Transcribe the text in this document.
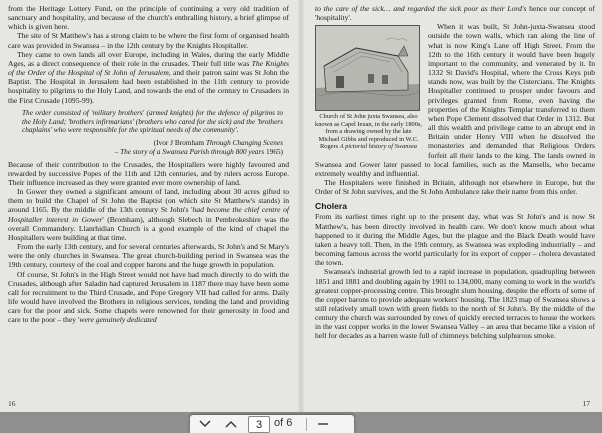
from the Heritage Lottery Fund, on the principle of continuing a very old tradition of sanctuary and hospitality, and because of the church's enthralling history, a brief glimpse of which is given here.

The site of St Matthew's has a strong claim to be where the first form of organised health care was provided in Swansea – in the 12th century by the Knights Hospitaller.

They came to own lands all over Europe, including in Wales, during the early Middle Ages, as a direct consequence of their role in the crusades. Their full title was The Knights of the Order of the Hospital of St John of Jerusalem, and their patron saint was St John the Baptist. The Hospital in Jerusalem had been established in the 11th century to provide hospitality to pilgrims to the Holy Land, and towards the end of the century to Crusaders in the First Crusade (1095-99).

The order consisted of 'military brothers' (armed knights) for the defence of pilgrims to the Holy Land; 'brothers infirmarians' (brothers who cared for the sick) and the 'brothers chaplains' who were responsible for the spiritual needs of the community'.
(Ivor J Bromham Through Changing Scenes
– The story of a Swansea Parish through 800 years 1965)

Because of their contribution to the Crusades, the Hospitallers were highly favoured and rewarded by successive Popes of the 11th and 12th centuries, and by rulers across Europe. Their influence increased as they were granted ever more ownership of land.

In Gower they owned a significant amount of land, including about 30 acres gifted to them to build the Chapel of St John the Baptist (on which site St Matthew's stands) in around 1165. By the middle of the 13th century St John's 'had become the chief centre of Hospitaller interest in Gower' (Bromham), although Slebech in Pembrokeshire was the overall Commandery. Llanrhidian Church is a good example of the kind of chapel the Hospitallers were building at that time.

From the early 13th century, and for several centuries afterwards, St John's and St Mary's were the only churches in Swansea. The great church-building period in Swansea was the 19th century, courtesy of the coal and copper barons and the huge growth in population.

Of course, St John's in the High Street would not have had much directly to do with the Crusades, although after Saladin had captured Jerusalem in 1187 there may have been some call for recruitment to the Third Crusade, and Pope Gregory VII had called for arms. Daily life would have involved the Brothers in religious services, tending the land and providing care for the poor and sick. Some chapels were renowned for their generosity in food and care to the poor – they 'were genuinely dedicated

16

to the care of the sick… and regarded the sick poor as their Lord's hence our concept of 'hospitality'.

Church of St John juxta Swansea, also known as Capel Ieuan, in the early 1800s, from a drawing owned by the late Michael Gibbs and reproduced in W.C. Rogers A pictorial history of Swansea

When it was built, St John-juxta-Swansea stood outside the town walls, which ran along the line of what is now King's Lane off High Street. From the 12th to the 16th century it would have been hugely important to the community, and venerated by it. In 1332 St David's Hospital, where the Cross Keys pub stands now, was built by the Cistercians. The Knights Hospitaller continued to prosper under favours and privileges granted from Rome, even having the properties of the Knights Templar transferred to them when Pope Clement dissolved that Order in 1312. But all this wealth and privilege came to an abrupt end in Britain under Henry VIII when he dissolved the monasteries and demanded that Religious Orders forfeit all their lands to the king. The lands owned in Swansea and Gower later passed to local families, such as the Mansells, who became extremely wealthy and influential.

The Hospitalers were finished in Britain, although not elsewhere in Europe, but the Order of St John survives, and the St John Ambulance take their name from this order.

Cholera

From its earliest times right up to the present day, what was St John's and is now St Matthew's, has been directly involved in health care. We don't know much about what happened to it during the Middle Ages, but the plague and the Black Death would have taken a heavy toll. Then, in the 19th century, as Swansea was exploding industrially – and becoming famous across the world particularly for its export of copper – cholera devastated the town.

Swansea's industrial growth led to a rapid increase in population, quadrupling between 1851 and 1881 and doubling again by 1901 to 134,000, many coming to work in the world's greatest copper-processing centre. This brought slum housing, despite the efforts of some of the copper barons to provide adequate workers' housing. The 1823 map of Swansea shows a still relatively small town with green fields to the north of St John's. By the middle of the century the church was surrounded by rows of quickly erected terraces to house the workers in the vast copper works in the lower Swansea Valley – an area that became like a vision of hell for decades as a barren waste full of chimneys belching sulphurous smoke.

17
3
of 6
